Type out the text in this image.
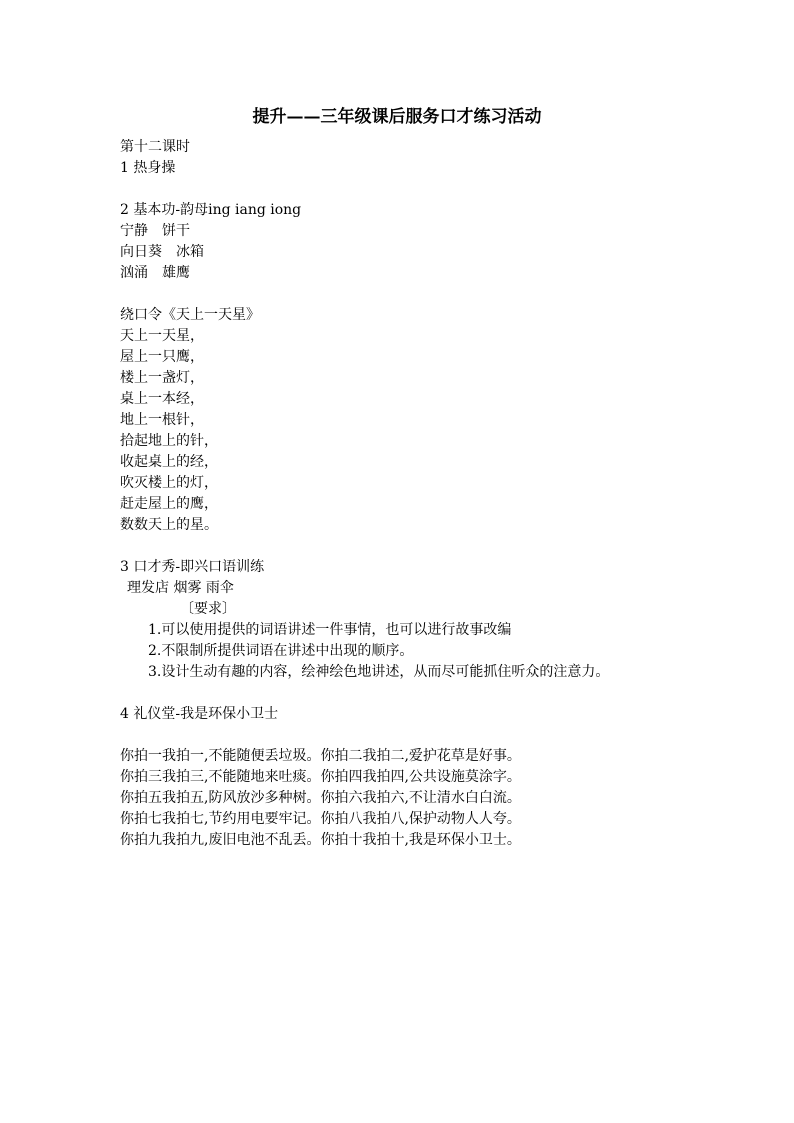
提升——三年级课后服务口才练习活动
第十二课时
1 热身操
2 基本功-韵母ing iang iong
宁静　饼干
向日葵　冰箱
汹涌　雄鹰
绕口令《天上一天星》
天上一天星，
屋上一只鹰，
楼上一盏灯，
桌上一本经，
地上一根针，
拾起地上的针，
收起桌上的经，
吹灭楼上的灯，
赶走屋上的鹰，
数数天上的星。
3 口才秀-即兴口语训练
理发店 烟雾 雨伞
〔要求〕
1.可以使用提供的词语讲述一件事情，也可以进行故事改编
2.不限制所提供词语在讲述中出现的顺序。
3.设计生动有趣的内容，绘神绘色地讲述，从而尽可能抓住听众的注意力。
4 礼仪堂-我是环保小卫士
你拍一我拍一,不能随便丢垃圾。你拍二我拍二,爱护花草是好事。
你拍三我拍三,不能随地来吐痰。你拍四我拍四,公共设施莫涂字。
你拍五我拍五,防风放沙多种树。你拍六我拍六,不让清水白白流。
你拍七我拍七,节约用电要牢记。你拍八我拍八,保护动物人人夸。
你拍九我拍九,废旧电池不乱丢。你拍十我拍十,我是环保小卫士。
